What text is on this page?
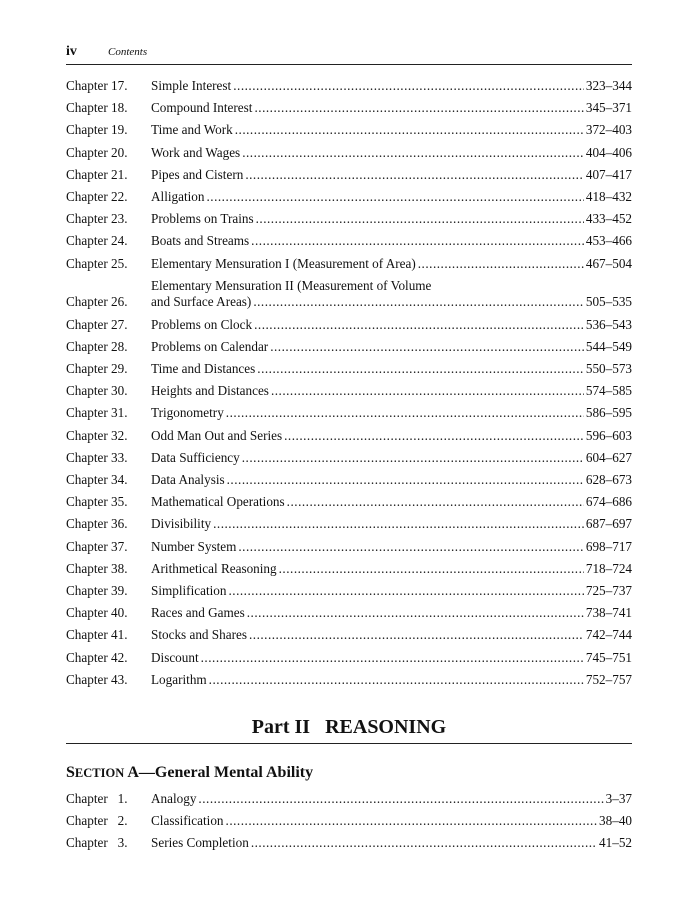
iv	Contents
Chapter 17.	Simple Interest .....	323–344
Chapter 18.	Compound Interest .....	345–371
Chapter 19.	Time and Work .....	372–403
Chapter 20.	Work and Wages .....	404–406
Chapter 21.	Pipes and Cistern .....	407–417
Chapter 22.	Alligation .....	418–432
Chapter 23.	Problems on Trains .....	433–452
Chapter 24.	Boats and Streams .....	453–466
Chapter 25.	Elementary Mensuration I (Measurement of Area) .....	467–504
Chapter 26.
Elementary Mensuration II (Measurement of Volume
and Surface Areas) .....	505–535
Chapter 27.	Problems on Clock .....	536–543
Chapter 28.	Problems on Calendar .....	544–549
Chapter 29.	Time and Distances .....	550–573
Chapter 30.	Heights and Distances .....	574–585
Chapter 31.	Trigonometry .....	586–595
Chapter 32.	Odd Man Out and Series .....	596–603
Chapter 33.	Data Sufficiency .....	604–627
Chapter 34.	Data Analysis .....	628–673
Chapter 35.	Mathematical Operations .....	674–686
Chapter 36.	Divisibility .....	687–697
Chapter 37.	Number System .....	698–717
Chapter 38.	Arithmetical Reasoning .....	718–724
Chapter 39.	Simplification .....	725–737
Chapter 40.	Races and Games .....	738–741
Chapter 41.	Stocks and Shares .....	742–744
Chapter 42.	Discount .....	745–751
Chapter 43.	Logarithm .....	752–757
Part II   REASONING
SECTION A—General Mental Ability
Chapter   1.	Analogy .....	3–37
Chapter   2.	Classification .....	38–40
Chapter   3.	Series Completion .....	41–52
